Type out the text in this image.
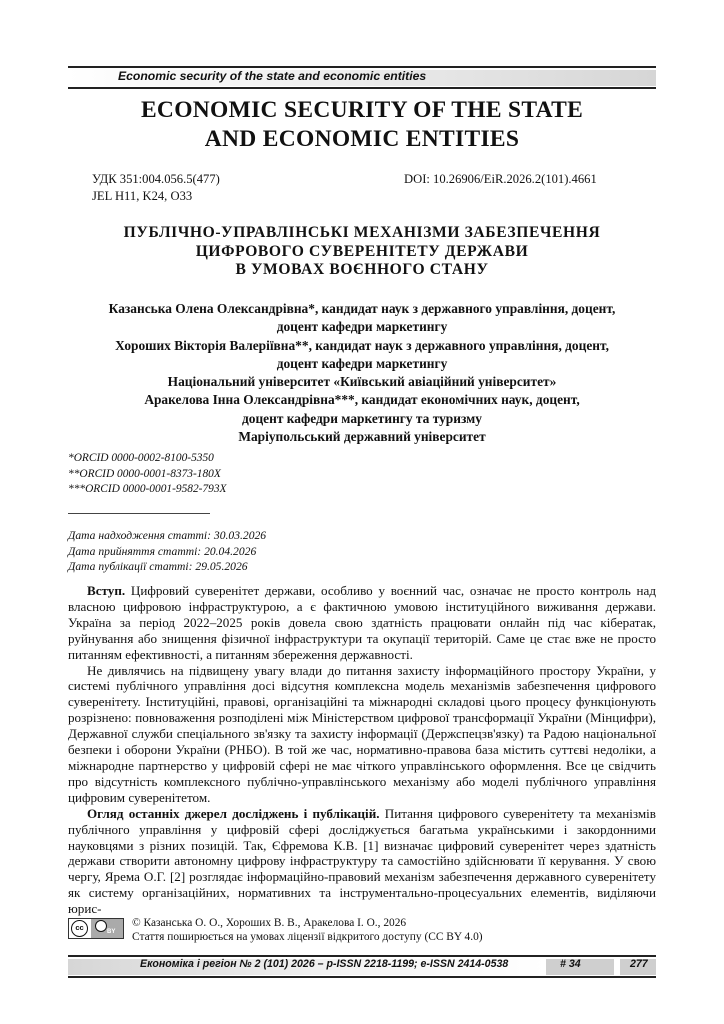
Economic security of the state and economic entities
ECONOMIC SECURITY OF THE STATE
AND ECONOMIC ENTITIES
УДК 351:004.056.5(477)
JEL H11, K24, O33
DOI: 10.26906/EiR.2026.2(101).4661
ПУБЛІЧНО-УПРАВЛІНСЬКІ МЕХАНІЗМИ ЗАБЕЗПЕЧЕННЯ
ЦИФРОВОГО СУВЕРЕНІТЕТУ ДЕРЖАВИ
В УМОВАХ ВОЄННОГО СТАНУ
Казанська Олена Олександрівна*, кандидат наук з державного управління, доцент,
доцент кафедри маркетингу
Хороших Вікторія Валеріївна**, кандидат наук з державного управління, доцент,
доцент кафедри маркетингу
Національний університет «Київський авіаційний університет»
Аракелова Інна Олександрівна***, кандидат економічних наук, доцент,
доцент кафедри маркетингу та туризму
Маріупольський державний університет
*ORCID 0000-0002-8100-5350
**ORCID 0000-0001-8373-180X
***ORCID 0000-0001-9582-793X
Дата надходження статті: 30.03.2026
Дата прийняття статті: 20.04.2026
Дата публікації статті: 29.05.2026

Вступ. Цифровий суверенітет держави, особливо у воєнний час, означає не просто контроль над власною цифровою інфраструктурою, а є фактичною умовою інституційного виживання держави. Україна за період 2022–2025 років довела свою здатність працювати онлайн під час кібератак, руйнування або знищення фізичної інфраструктури та окупації територій. Саме це стає вже не просто питанням ефективності, а питанням збереження державності.

Не дивлячись на підвищену увагу влади до питання захисту інформаційного простору України, у системі публічного управління досі відсутня комплексна модель механізмів забезпечення цифрового суверенітету. Інституційні, правові, організаційні та міжнародні складові цього процесу функціонують розрізнено: повноваження розподілені між Міністерством цифрової трансформації України (Мінцифри), Державної служби спеціального зв'язку та захисту інформації (Держспецзв'язку) та Радою національної безпеки і оборони України (РНБО). В той же час, нормативно-правова база містить суттєві недоліки, а міжнародне партнерство у цифровій сфері не має чіткого управлінського оформлення. Все це свідчить про відсутність комплексного публічно-управлінського механізму або моделі публічного управління цифровим суверенітетом.

Огляд останніх джерел досліджень і публікацій. Питання цифрового суверенітету та механізмів публічного управління у цифровій сфері досліджується багатьма українськими і закордонними науковцями з різних позицій. Так, Єфремова К.В. [1] визначає цифровий суверенітет через здатність держави створити автономну цифрову інфраструктуру та самостійно здійснювати її керування. У свою чергу, Ярема О.Г. [2] розглядає інформаційно-правовий механізм забезпечення державного суверенітету як систему організаційних, нормативних та інструментально-процесуальних елементів, виділяючи юрис-

cc	BY
© Казанська О. О., Хороших В. В., Аракелова І. О., 2026
Стаття поширюється на умовах ліцензії відкритого доступу (CC BY 4.0)
Економіка і регіон № 2 (101) 2026 – p-ISSN 2218-1199; e-ISSN 2414-0538	# 34	277
